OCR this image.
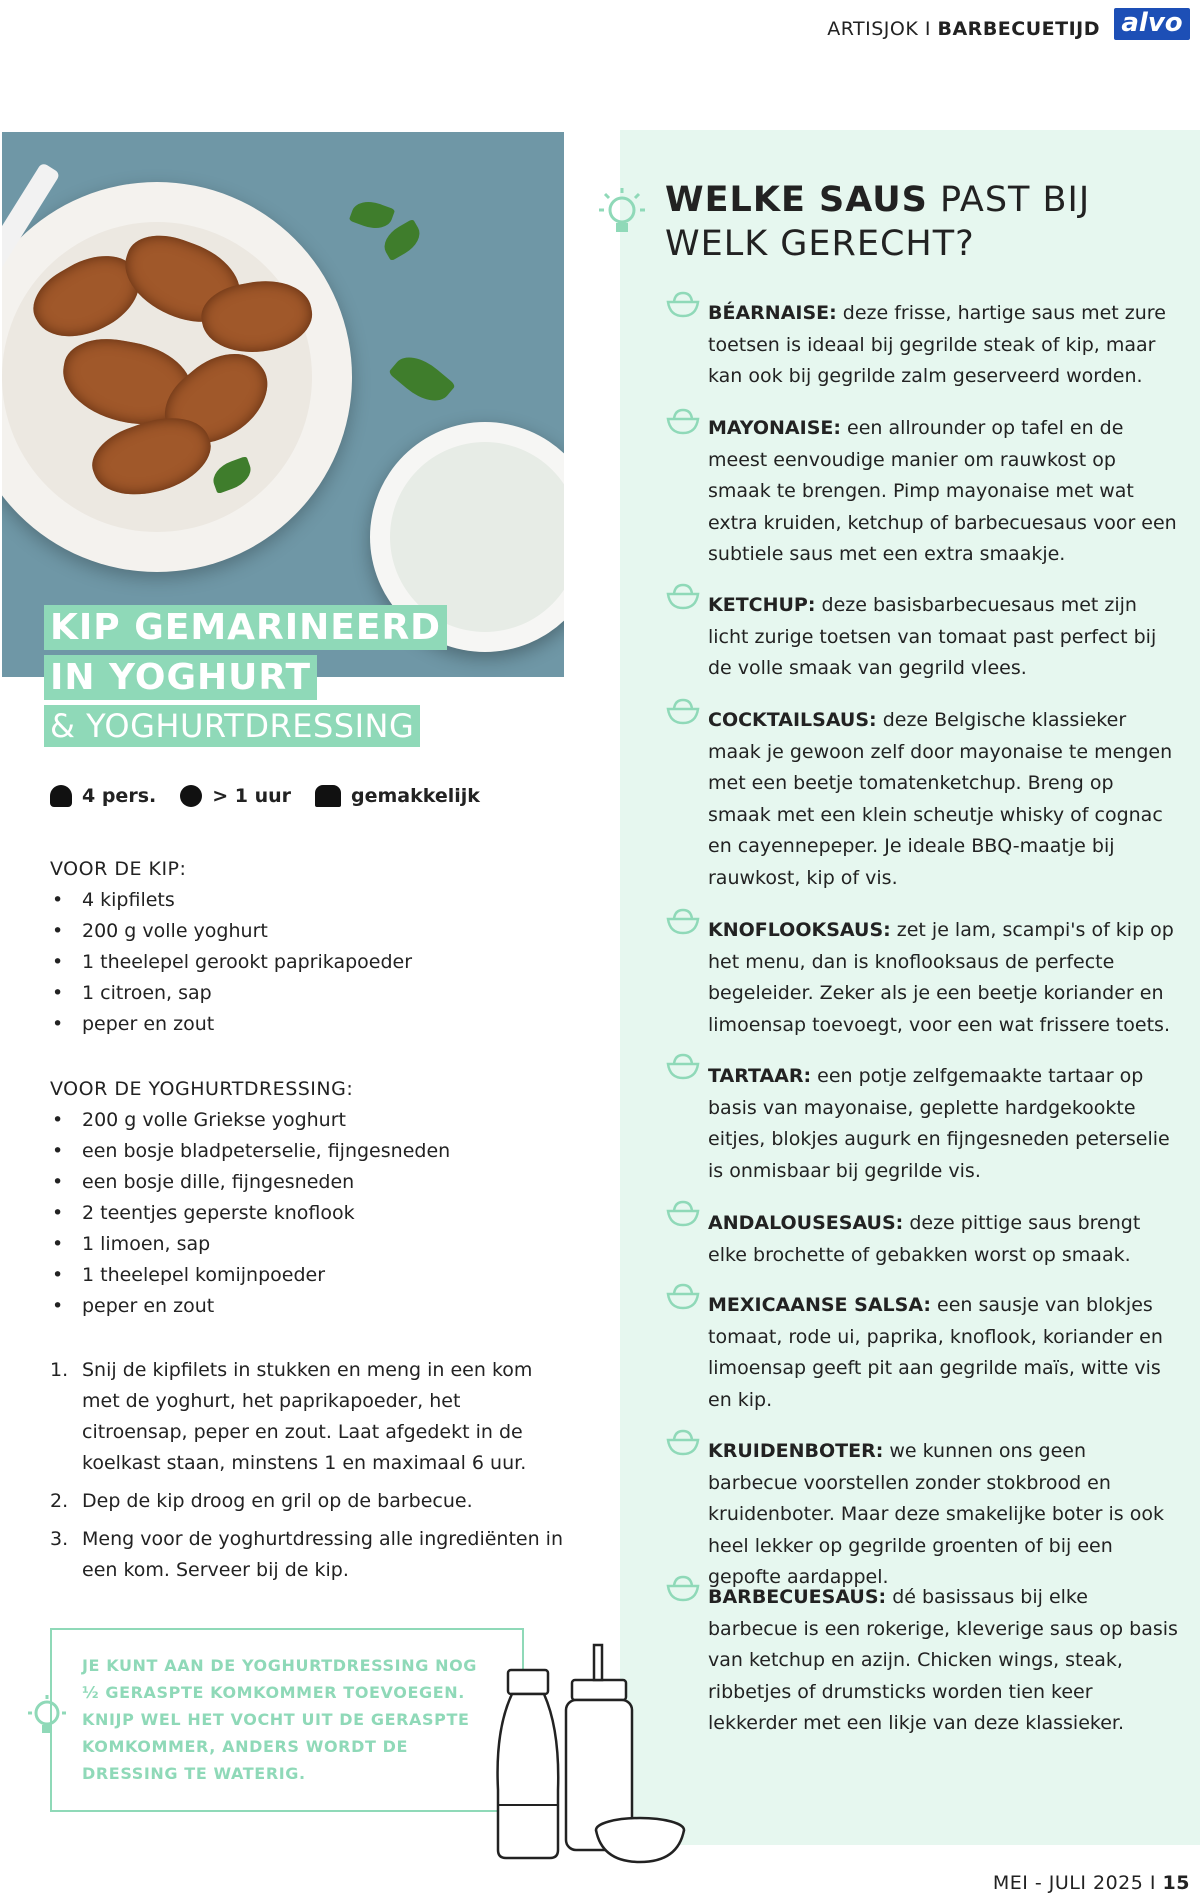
ARTISJOK I BARBECUETIJD alvo
KIP GEMARINEERD
IN YOGHURT
& YOGHURTDRESSING
4 pers.	> 1 uur	gemakkelijk
VOOR DE KIP:
• 4 kipfilets
• 200 g volle yoghurt
• 1 theelepel gerookt paprikapoeder
• 1 citroen, sap
• peper en zout
VOOR DE YOGHURTDRESSING:
• 200 g volle Griekse yoghurt
• een bosje bladpeterselie, fijngesneden
• een bosje dille, fijngesneden
• 2 teentjes geperste knoflook
• 1 limoen, sap
• 1 theelepel komijnpoeder
• peper en zout
1. Snij de kipfilets in stukken en meng in een kom met de yoghurt, het paprikapoeder, het citroensap, peper en zout. Laat afgedekt in de koelkast staan, minstens 1 en maximaal 6 uur.
2. Dep de kip droog en gril op de barbecue.
3. Meng voor de yoghurtdressing alle ingrediënten in een kom. Serveer bij de kip.
JE KUNT AAN DE YOGHURTDRESSING NOG ½ GERASPTE KOMKOMMER TOEVOEGEN. KNIJP WEL HET VOCHT UIT DE GERASPTE KOMKOMMER, ANDERS WORDT DE DRESSING TE WATERIG.
WELKE SAUS PAST BIJ
WELK GERECHT?
BÉARNAISE: deze frisse, hartige saus met zure toetsen is ideaal bij gegrilde steak of kip, maar kan ook bij gegrilde zalm geserveerd worden.
MAYONAISE: een allrounder op tafel en de meest eenvoudige manier om rauwkost op smaak te brengen. Pimp mayonaise met wat extra kruiden, ketchup of barbecuesaus voor een subtiele saus met een extra smaakje.
KETCHUP: deze basisbarbecuesaus met zijn licht zurige toetsen van tomaat past perfect bij de volle smaak van gegrild vlees.
COCKTAILSAUS: deze Belgische klassieker maak je gewoon zelf door mayonaise te mengen met een beetje tomatenketchup. Breng op smaak met een klein scheutje whisky of cognac en cayennepeper. Je ideale BBQ-maatje bij rauwkost, kip of vis.
KNOFLOOKSAUS: zet je lam, scampi's of kip op het menu, dan is knoflooksaus de perfecte begeleider. Zeker als je een beetje koriander en limoensap toevoegt, voor een wat frissere toets.
TARTAAR: een potje zelfgemaakte tartaar op basis van mayonaise, geplette hardgekookte eitjes, blokjes augurk en fijngesneden peterselie is onmisbaar bij gegrilde vis.
ANDALOUSESAUS: deze pittige saus brengt elke brochette of gebakken worst op smaak.
MEXICAANSE SALSA: een sausje van blokjes tomaat, rode ui, paprika, knoflook, koriander en limoensap geeft pit aan gegrilde maïs, witte vis en kip.
KRUIDENBOTER: we kunnen ons geen barbecue voorstellen zonder stokbrood en kruidenboter. Maar deze smakelijke boter is ook heel lekker op gegrilde groenten of bij een gepofte aardappel.
BARBECUESAUS: dé basissaus bij elke barbecue is een rokerige, kleverige saus op basis van ketchup en azijn. Chicken wings, steak, ribbetjes of drumsticks worden tien keer lekkerder met een likje van deze klassieker.
MEI - JULI 2025 I 15
